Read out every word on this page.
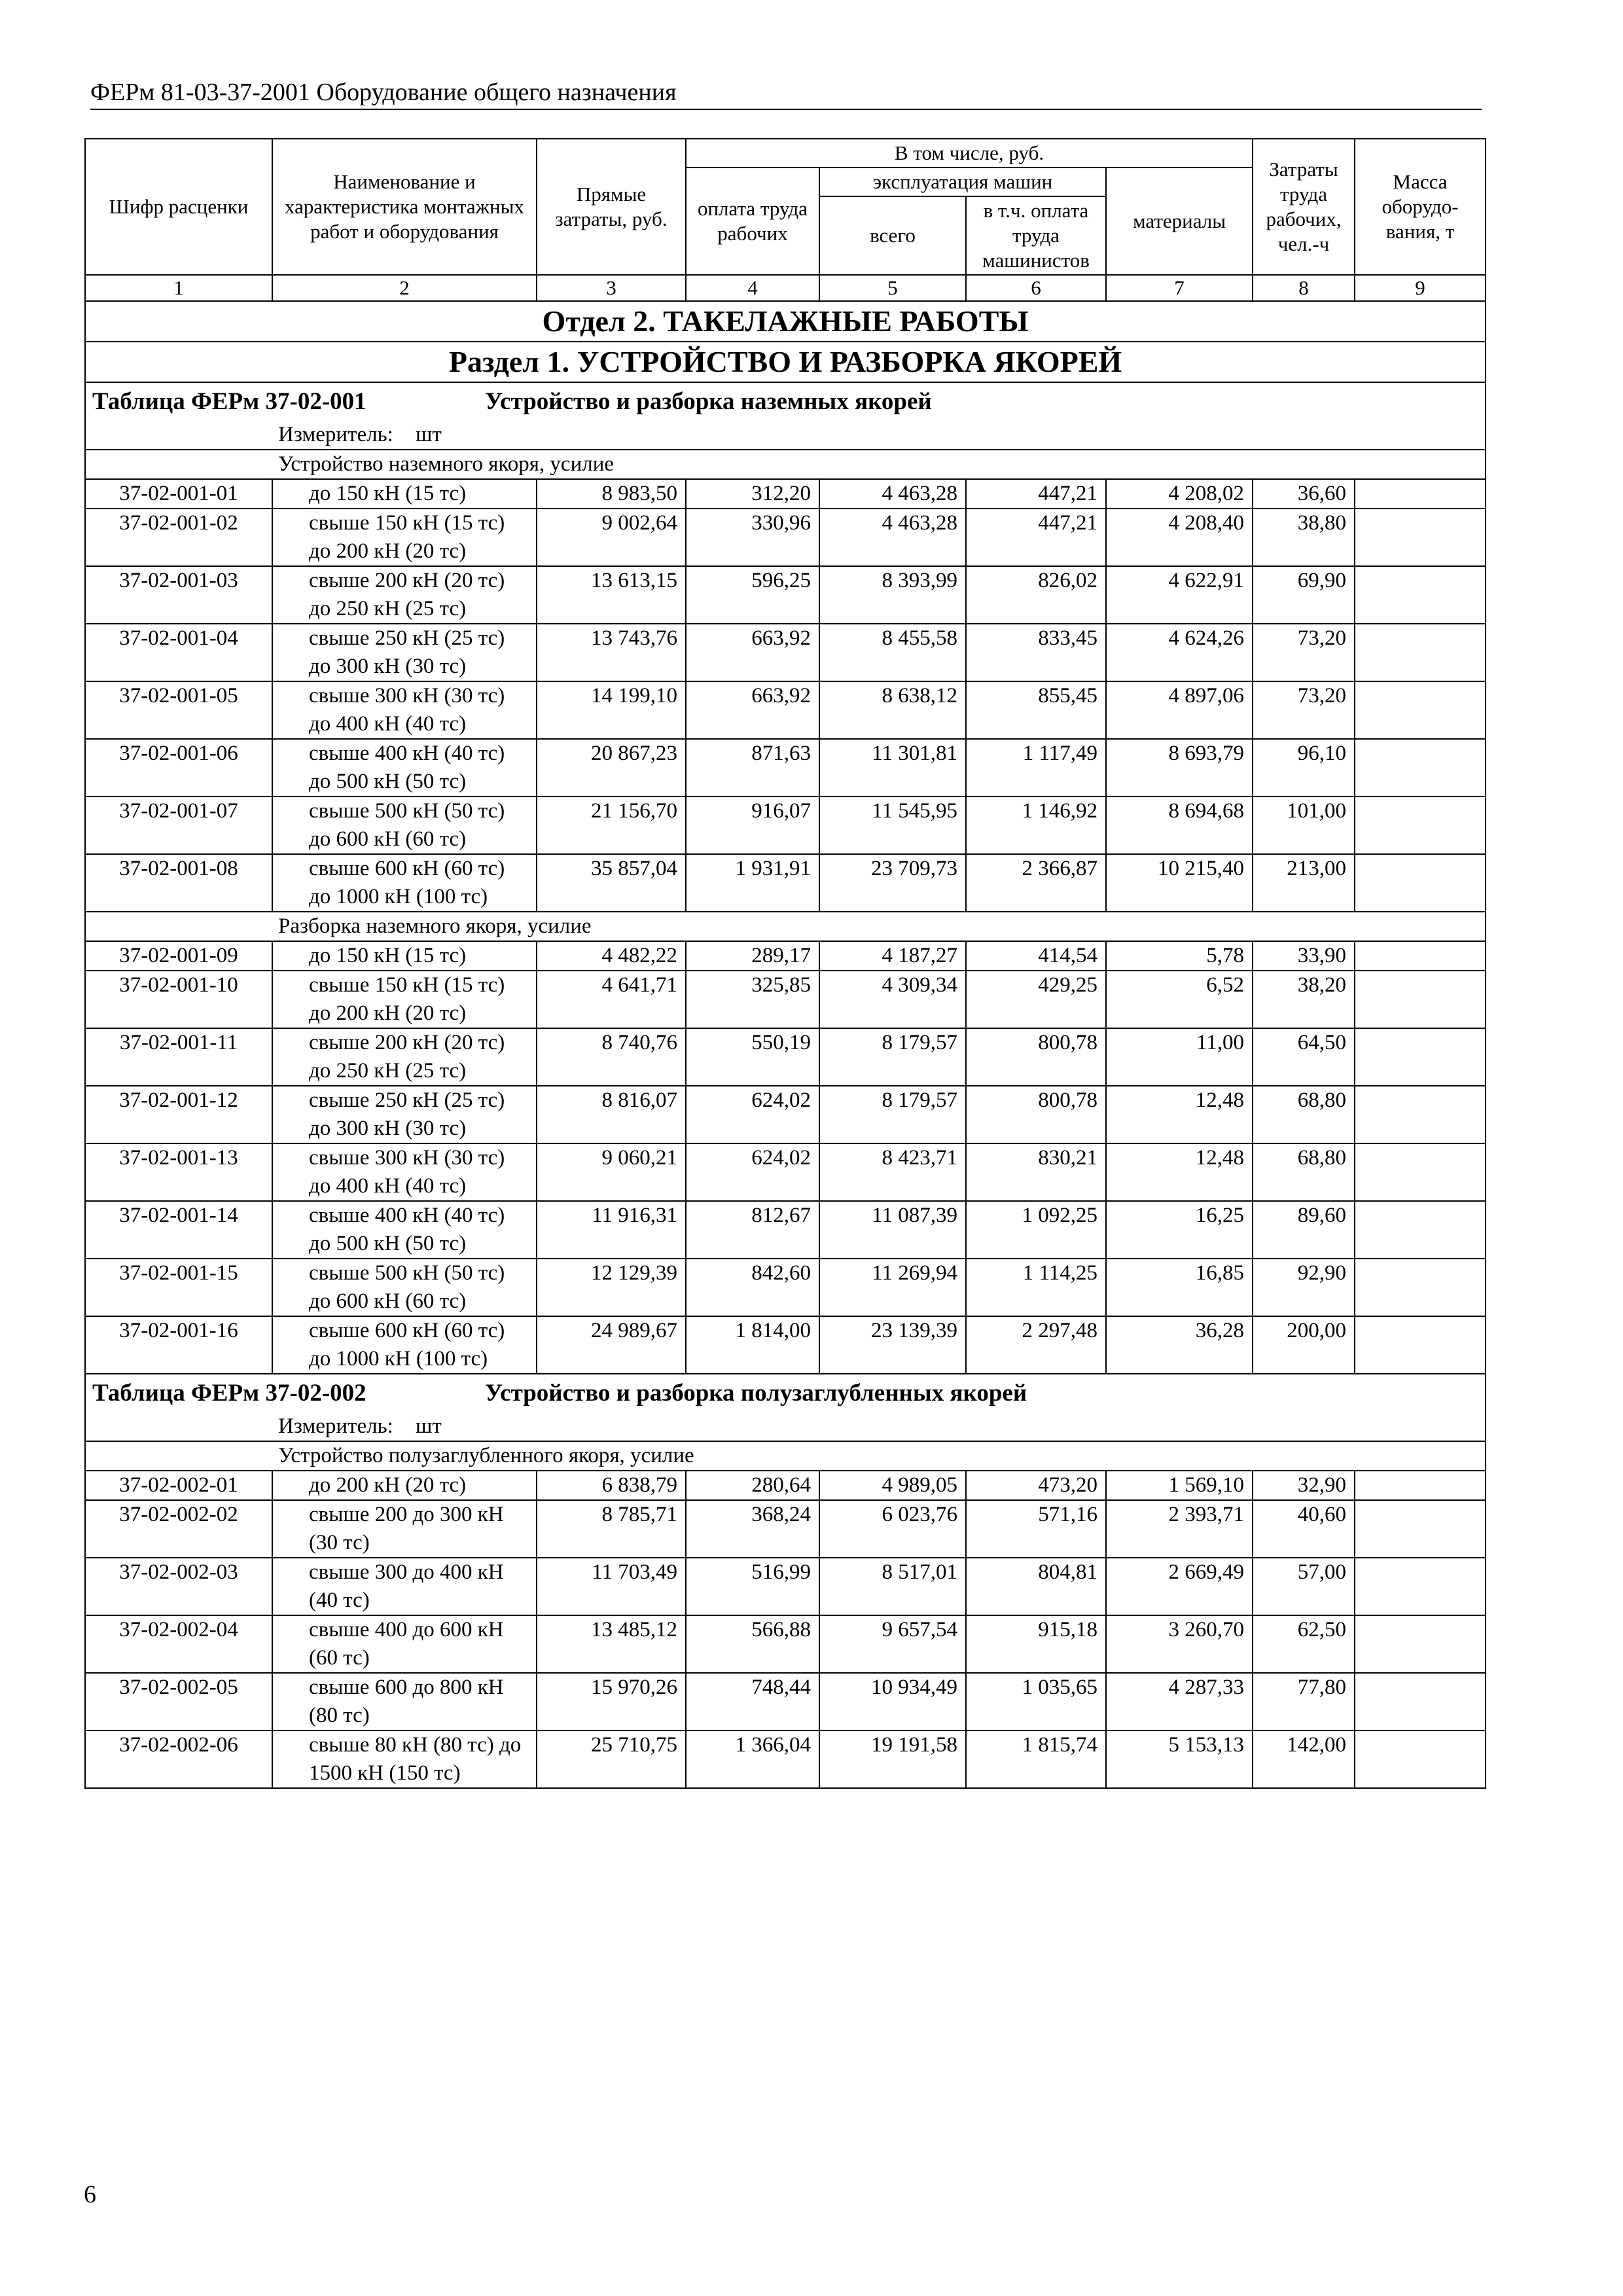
ФЕРм 81-03-37-2001 Оборудование общего назначения
Шифр расценки	Наименование и характеристика монтажных работ и оборудования	Прямые затраты, руб.	В том числе, руб.				Затраты труда рабочих, чел.-ч	Масса оборудо-вания, т
			оплата труда рабочих	эксплуатация машин		материалы		
				всего	в т.ч. оплата труда машинистов			
1	2	3	4	5	6	7	8	9
Отдел 2. ТАКЕЛАЖНЫЕ РАБОТЫ								
Раздел 1. УСТРОЙСТВО И РАЗБОРКА ЯКОРЕЙ								
Таблица ФЕРм 37-02-001 Устройство и разборка наземных якорей								
Измеритель: шт								
Устройство наземного якоря, усилие								
37-02-001-01	до 150 кН (15 тс)	8 983,50	312,20	4 463,28	447,21	4 208,02	36,60	
37-02-001-02	свыше 150 кН (15 тс) до 200 кН (20 тс)	9 002,64	330,96	4 463,28	447,21	4 208,40	38,80	
37-02-001-03	свыше 200 кН (20 тс) до 250 кН (25 тс)	13 613,15	596,25	8 393,99	826,02	4 622,91	69,90	
37-02-001-04	свыше 250 кН (25 тс) до 300 кН (30 тс)	13 743,76	663,92	8 455,58	833,45	4 624,26	73,20	
37-02-001-05	свыше 300 кН (30 тс) до 400 кН (40 тс)	14 199,10	663,92	8 638,12	855,45	4 897,06	73,20	
37-02-001-06	свыше 400 кН (40 тс) до 500 кН (50 тс)	20 867,23	871,63	11 301,81	1 117,49	8 693,79	96,10	
37-02-001-07	свыше 500 кН (50 тс) до 600 кН (60 тс)	21 156,70	916,07	11 545,95	1 146,92	8 694,68	101,00	
37-02-001-08	свыше 600 кН (60 тс) до 1000 кН (100 тс)	35 857,04	1 931,91	23 709,73	2 366,87	10 215,40	213,00	
Разборка наземного якоря, усилие								
37-02-001-09	до 150 кН (15 тс)	4 482,22	289,17	4 187,27	414,54	5,78	33,90	
37-02-001-10	свыше 150 кН (15 тс) до 200 кН (20 тс)	4 641,71	325,85	4 309,34	429,25	6,52	38,20	
37-02-001-11	свыше 200 кН (20 тс) до 250 кН (25 тс)	8 740,76	550,19	8 179,57	800,78	11,00	64,50	
37-02-001-12	свыше 250 кН (25 тс) до 300 кН (30 тс)	8 816,07	624,02	8 179,57	800,78	12,48	68,80	
37-02-001-13	свыше 300 кН (30 тс) до 400 кН (40 тс)	9 060,21	624,02	8 423,71	830,21	12,48	68,80	
37-02-001-14	свыше 400 кН (40 тс) до 500 кН (50 тс)	11 916,31	812,67	11 087,39	1 092,25	16,25	89,60	
37-02-001-15	свыше 500 кН (50 тс) до 600 кН (60 тс)	12 129,39	842,60	11 269,94	1 114,25	16,85	92,90	
37-02-001-16	свыше 600 кН (60 тс) до 1000 кН (100 тс)	24 989,67	1 814,00	23 139,39	2 297,48	36,28	200,00	
Таблица ФЕРм 37-02-002 Устройство и разборка полузаглубленных якорей								
Измеритель: шт								
Устройство полузаглубленного якоря, усилие								
37-02-002-01	до 200 кН (20 тс)	6 838,79	280,64	4 989,05	473,20	1 569,10	32,90	
37-02-002-02	свыше 200 до 300 кН (30 тс)	8 785,71	368,24	6 023,76	571,16	2 393,71	40,60	
37-02-002-03	свыше 300 до 400 кН (40 тс)	11 703,49	516,99	8 517,01	804,81	2 669,49	57,00	
37-02-002-04	свыше 400 до 600 кН (60 тс)	13 485,12	566,88	9 657,54	915,18	3 260,70	62,50	
37-02-002-05	свыше 600 до 800 кН (80 тс)	15 970,26	748,44	10 934,49	1 035,65	4 287,33	77,80	
37-02-002-06	свыше 80 кН (80 тс) до 1500 кН (150 тс)	25 710,75	1 366,04	19 191,58	1 815,74	5 153,13	142,00	
6
